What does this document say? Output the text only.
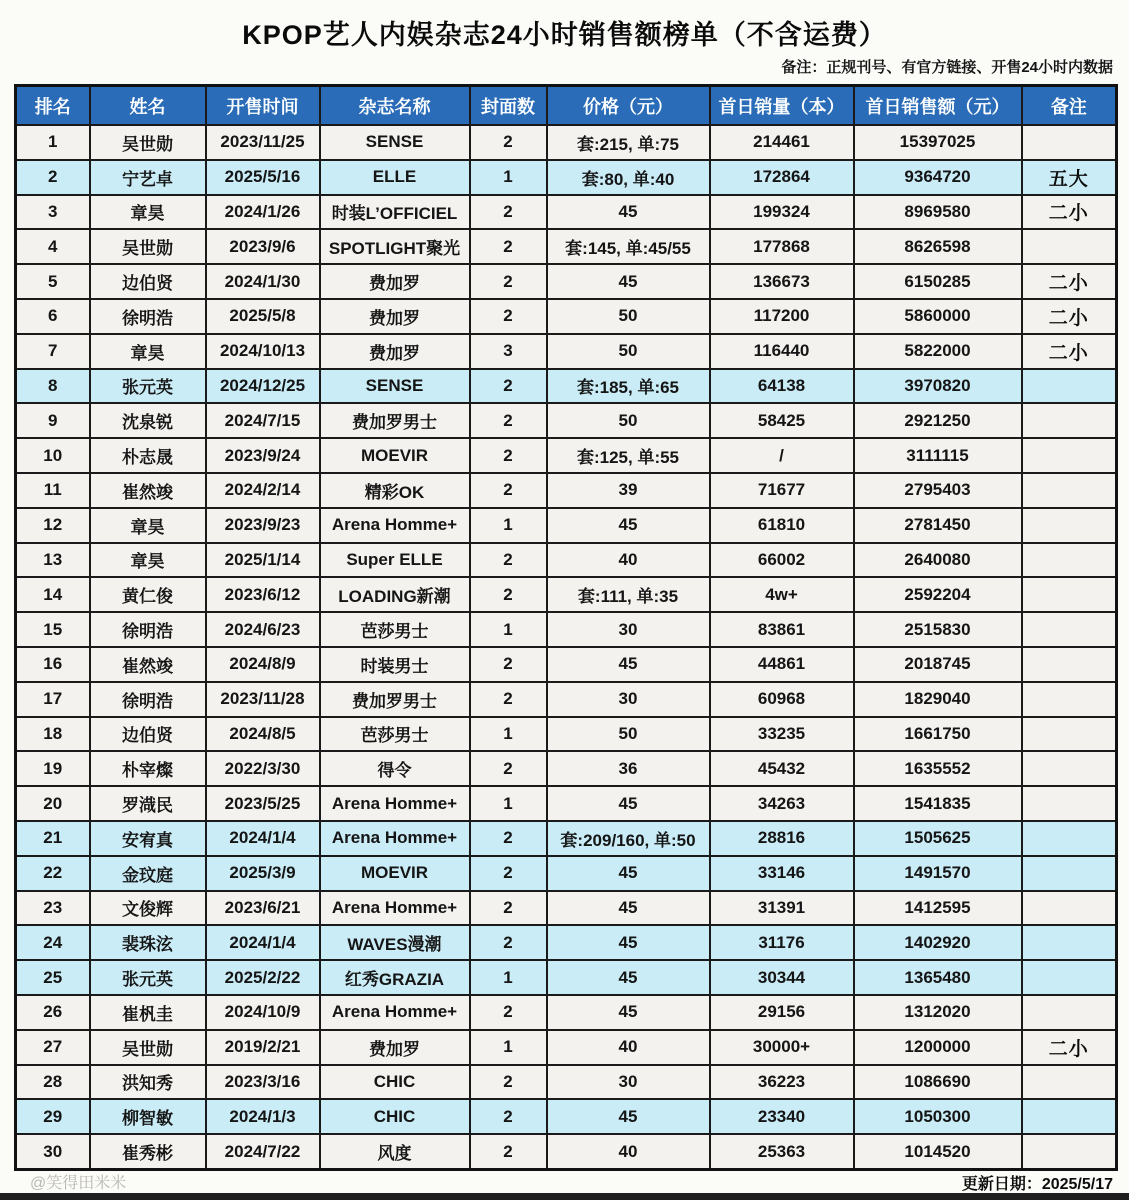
KPOP艺人内娱杂志24小时销售额榜单（不含运费）
备注：正规刊号、有官方链接、开售24小时内数据
排名	姓名	开售时间	杂志名称	封面数	价格（元）	首日销量（本）	首日销售额（元）	备注
1	吴世勋	2023/11/25	SENSE	2	套:215, 单:75	214461	15397025	
2	宁艺卓	2025/5/16	ELLE	1	套:80, 单:40	172864	9364720	五大
3	章昊	2024/1/26	时装L’OFFICIEL	2	45	199324	8969580	二小
4	吴世勋	2023/9/6	SPOTLIGHT聚光	2	套:145, 单:45/55	177868	8626598	
5	边伯贤	2024/1/30	费加罗	2	45	136673	6150285	二小
6	徐明浩	2025/5/8	费加罗	2	50	117200	5860000	二小
7	章昊	2024/10/13	费加罗	3	50	116440	5822000	二小
8	张元英	2024/12/25	SENSE	2	套:185, 单:65	64138	3970820	
9	沈泉锐	2024/7/15	费加罗男士	2	50	58425	2921250	
10	朴志晟	2023/9/24	MOEVIR	2	套:125, 单:55	/	3111115	
11	崔然竣	2024/2/14	精彩OK	2	39	71677	2795403	
12	章昊	2023/9/23	Arena Homme+	1	45	61810	2781450	
13	章昊	2025/1/14	Super ELLE	2	40	66002	2640080	
14	黄仁俊	2023/6/12	LOADING新潮	2	套:111, 单:35	4w+	2592204	
15	徐明浩	2024/6/23	芭莎男士	1	30	83861	2515830	
16	崔然竣	2024/8/9	时装男士	2	45	44861	2018745	
17	徐明浩	2023/11/28	费加罗男士	2	30	60968	1829040	
18	边伯贤	2024/8/5	芭莎男士	1	50	33235	1661750	
19	朴宰燦	2022/3/30	得令	2	36	45432	1635552	
20	罗渽民	2023/5/25	Arena Homme+	1	45	34263	1541835	
21	安宥真	2024/1/4	Arena Homme+	2	套:209/160, 单:50	28816	1505625	
22	金玟庭	2025/3/9	MOEVIR	2	45	33146	1491570	
23	文俊辉	2023/6/21	Arena Homme+	2	45	31391	1412595	
24	裴珠泫	2024/1/4	WAVES漫潮	2	45	31176	1402920	
25	张元英	2025/2/22	红秀GRAZIA	1	45	30344	1365480	
26	崔杋圭	2024/10/9	Arena Homme+	2	45	29156	1312020	
27	吴世勋	2019/2/21	费加罗	1	40	30000+	1200000	二小
28	洪知秀	2023/3/16	CHIC	2	30	36223	1086690	
29	柳智敏	2024/1/3	CHIC	2	45	23340	1050300	
30	崔秀彬	2024/7/22	风度	2	40	25363	1014520	
@笑得田米米	更新日期：2025/5/17
